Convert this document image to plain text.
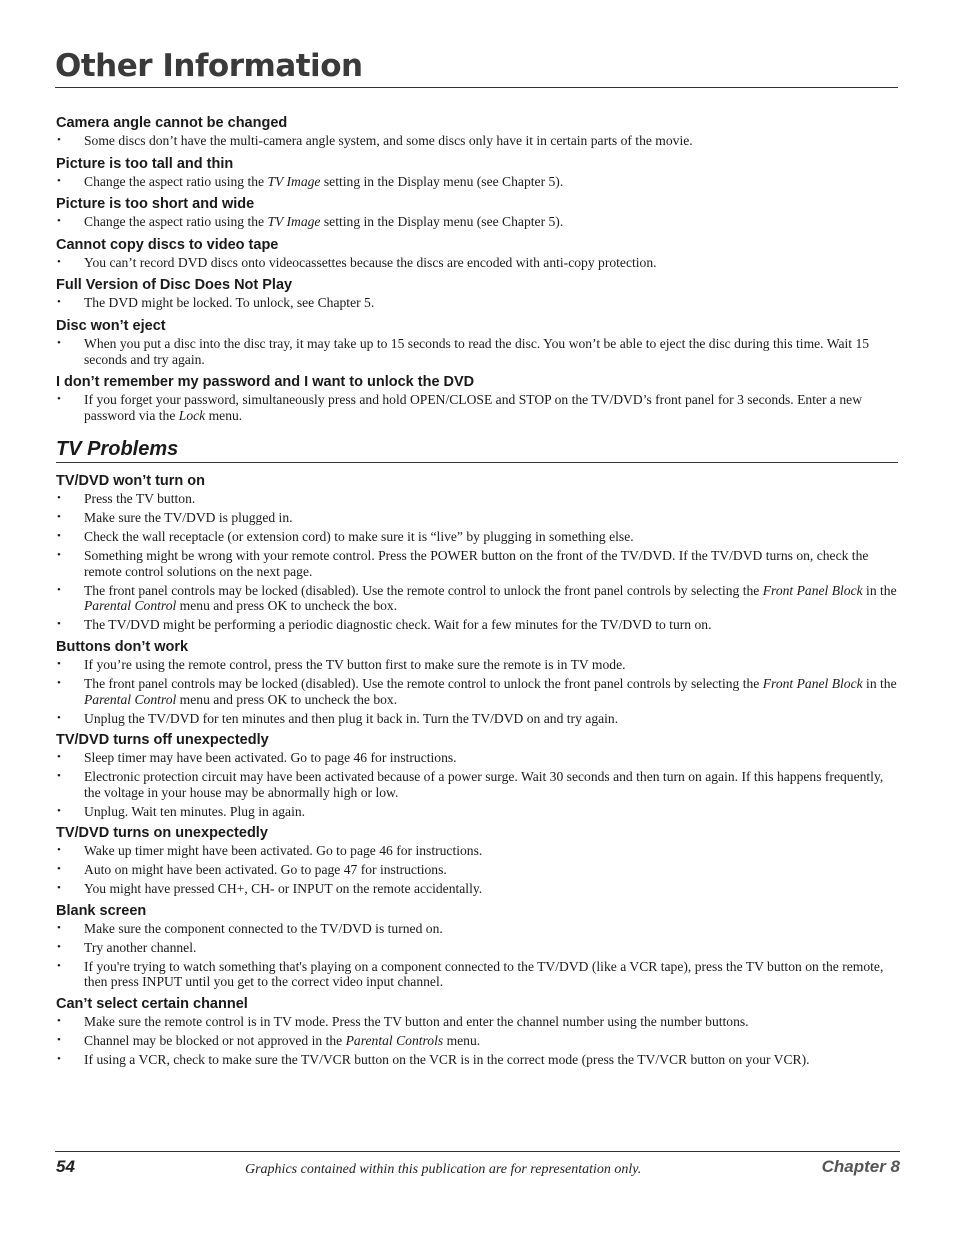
Other Information
Camera angle cannot be changed
• Some discs don’t have the multi-camera angle system, and some discs only have it in certain parts of the movie.
Picture is too tall and thin
• Change the aspect ratio using the TV Image setting in the Display menu (see Chapter 5).
Picture is too short and wide
• Change the aspect ratio using the TV Image setting in the Display menu (see Chapter 5).
Cannot copy discs to video tape
• You can’t record DVD discs onto videocassettes because the discs are encoded with anti-copy protection.
Full Version of Disc Does Not Play
• The DVD might be locked. To unlock, see Chapter 5.
Disc won’t eject
• When you put a disc into the disc tray, it may take up to 15 seconds to read the disc. You won’t be able to eject the disc during this time. Wait 15 seconds and try again.
I don’t remember my password and I want to unlock the DVD
• If you forget your password, simultaneously press and hold OPEN/CLOSE and STOP on the TV/DVD’s front panel for 3 seconds. Enter a new password via the Lock menu.
TV Problems
TV/DVD won’t turn on
• Press the TV button.
• Make sure the TV/DVD is plugged in.
• Check the wall receptacle (or extension cord) to make sure it is “live” by plugging in something else.
• Something might be wrong with your remote control. Press the POWER button on the front of the TV/DVD. If the TV/DVD turns on, check the remote control solutions on the next page.
• The front panel controls may be locked (disabled). Use the remote control to unlock the front panel controls by selecting the Front Panel Block in the Parental Control menu and press OK to uncheck the box.
• The TV/DVD might be performing a periodic diagnostic check. Wait for a few minutes for the TV/DVD to turn on.
Buttons don’t work
• If you’re using the remote control, press the TV button first to make sure the remote is in TV mode.
• The front panel controls may be locked (disabled). Use the remote control to unlock the front panel controls by selecting the Front Panel Block in the Parental Control menu and press OK to uncheck the box.
• Unplug the TV/DVD for ten minutes and then plug it back in. Turn the TV/DVD on and try again.
TV/DVD turns off unexpectedly
• Sleep timer may have been activated. Go to page 46 for instructions.
• Electronic protection circuit may have been activated because of a power surge. Wait 30 seconds and then turn on again. If this happens frequently, the voltage in your house may be abnormally high or low.
• Unplug. Wait ten minutes. Plug in again.
TV/DVD turns on unexpectedly
• Wake up timer might have been activated. Go to page 46 for instructions.
• Auto on might have been activated. Go to page 47 for instructions.
• You might have pressed CH+, CH- or INPUT on the remote accidentally.
Blank screen
• Make sure the component connected to the TV/DVD is turned on.
• Try another channel.
• If you're trying to watch something that's playing on a component connected to the TV/DVD (like a VCR tape), press the TV button on the remote, then press INPUT until you get to the correct video input channel.
Can’t select certain channel
• Make sure the remote control is in TV mode. Press the TV button and enter the channel number using the number buttons.
• Channel may be blocked or not approved in the Parental Controls menu.
• If using a VCR, check to make sure the TV/VCR button on the VCR is in the correct mode (press the TV/VCR button on your VCR).
54	Graphics contained within this publication are for representation only.	Chapter 8
